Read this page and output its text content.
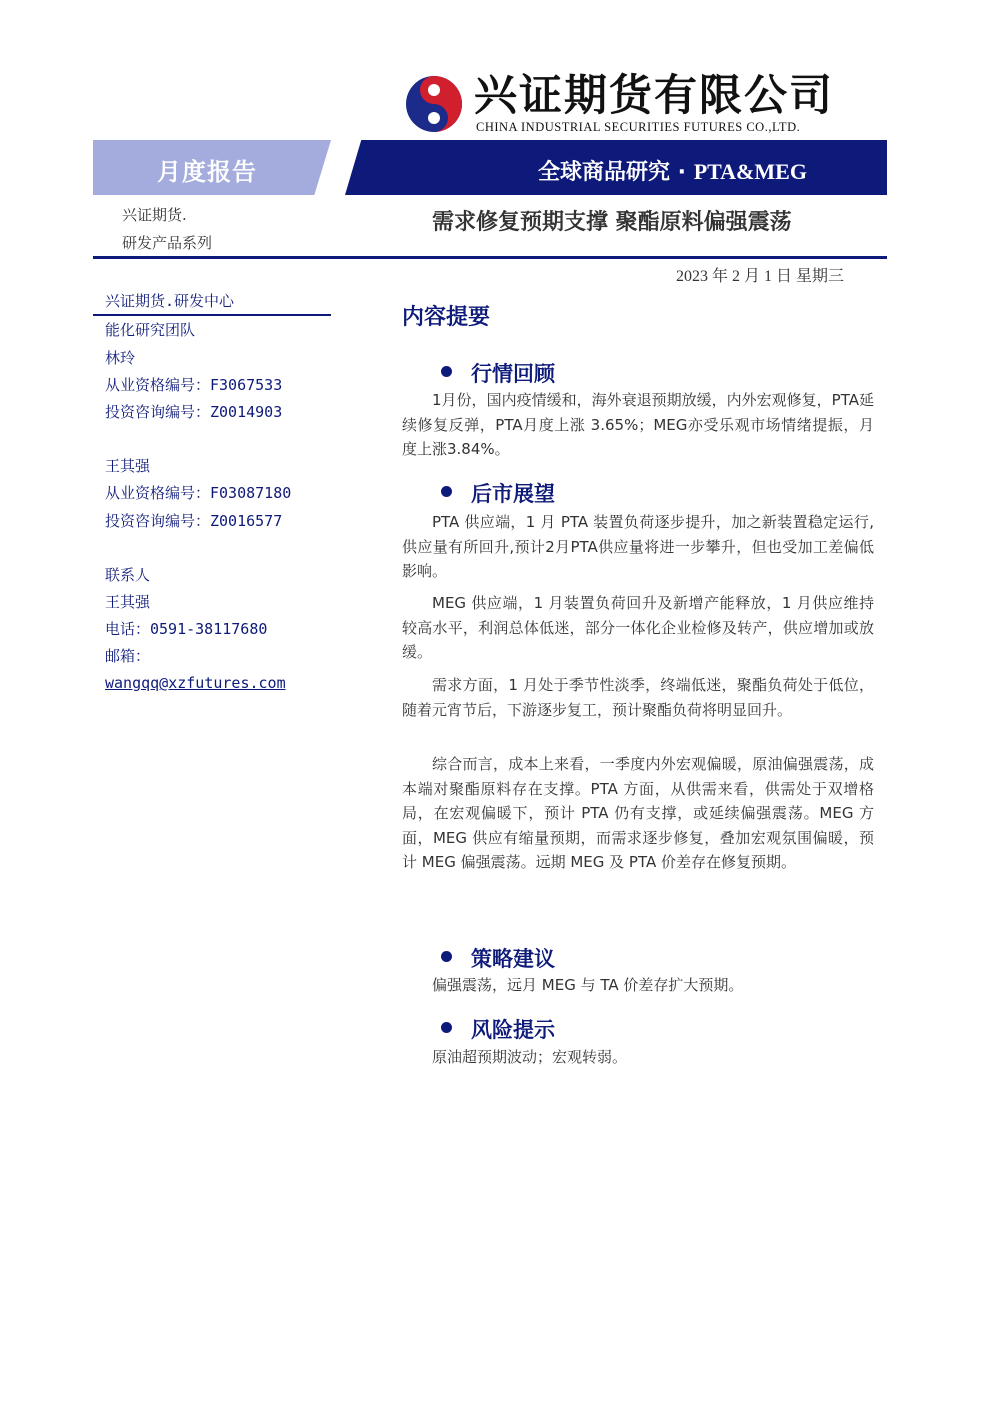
兴证期货有限公司
CHINA INDUSTRIAL SECURITIES FUTURES CO.,LTD.
月度报告	全球商品研究 · PTA&MEG
兴证期货.
研发产品系列
需求修复预期支撑 聚酯原料偏强震荡
2023 年 2 月 1 日 星期三
兴证期货.研发中心
能化研究团队
林玲
从业资格编号：F3067533
投资咨询编号：Z0014903
王其强
从业资格编号：F03087180
投资咨询编号：Z0016577
联系人
王其强
电话：0591-38117680
邮箱：
wangqq@xzfutures.com
内容提要
行情回顾

1月份，国内疫情缓和，海外衰退预期放缓，内外宏观修复，PTA延续修复反弹，PTA月度上涨 3.65%；MEG亦受乐观市场情绪提振，月度上涨3.84%。

后市展望

PTA 供应端，1 月 PTA 装置负荷逐步提升，加之新装置稳定运行,供应量有所回升,预计2月PTA供应量将进一步攀升，但也受加工差偏低影响。

MEG 供应端，1 月装置负荷回升及新增产能释放，1 月供应维持较高水平，利润总体低迷，部分一体化企业检修及转产，供应增加或放缓。

需求方面，1 月处于季节性淡季，终端低迷，聚酯负荷处于低位，随着元宵节后，下游逐步复工，预计聚酯负荷将明显回升。

综合而言，成本上来看，一季度内外宏观偏暖，原油偏强震荡，成本端对聚酯原料存在支撑。PTA 方面，从供需来看，供需处于双增格局，在宏观偏暖下，预计 PTA 仍有支撑，或延续偏强震荡。MEG 方面，MEG 供应有缩量预期，而需求逐步修复，叠加宏观氛围偏暖，预计 MEG 偏强震荡。远期 MEG 及 PTA 价差存在修复预期。

策略建议

偏强震荡，远月 MEG 与 TA 价差存扩大预期。

风险提示

原油超预期波动；宏观转弱。
